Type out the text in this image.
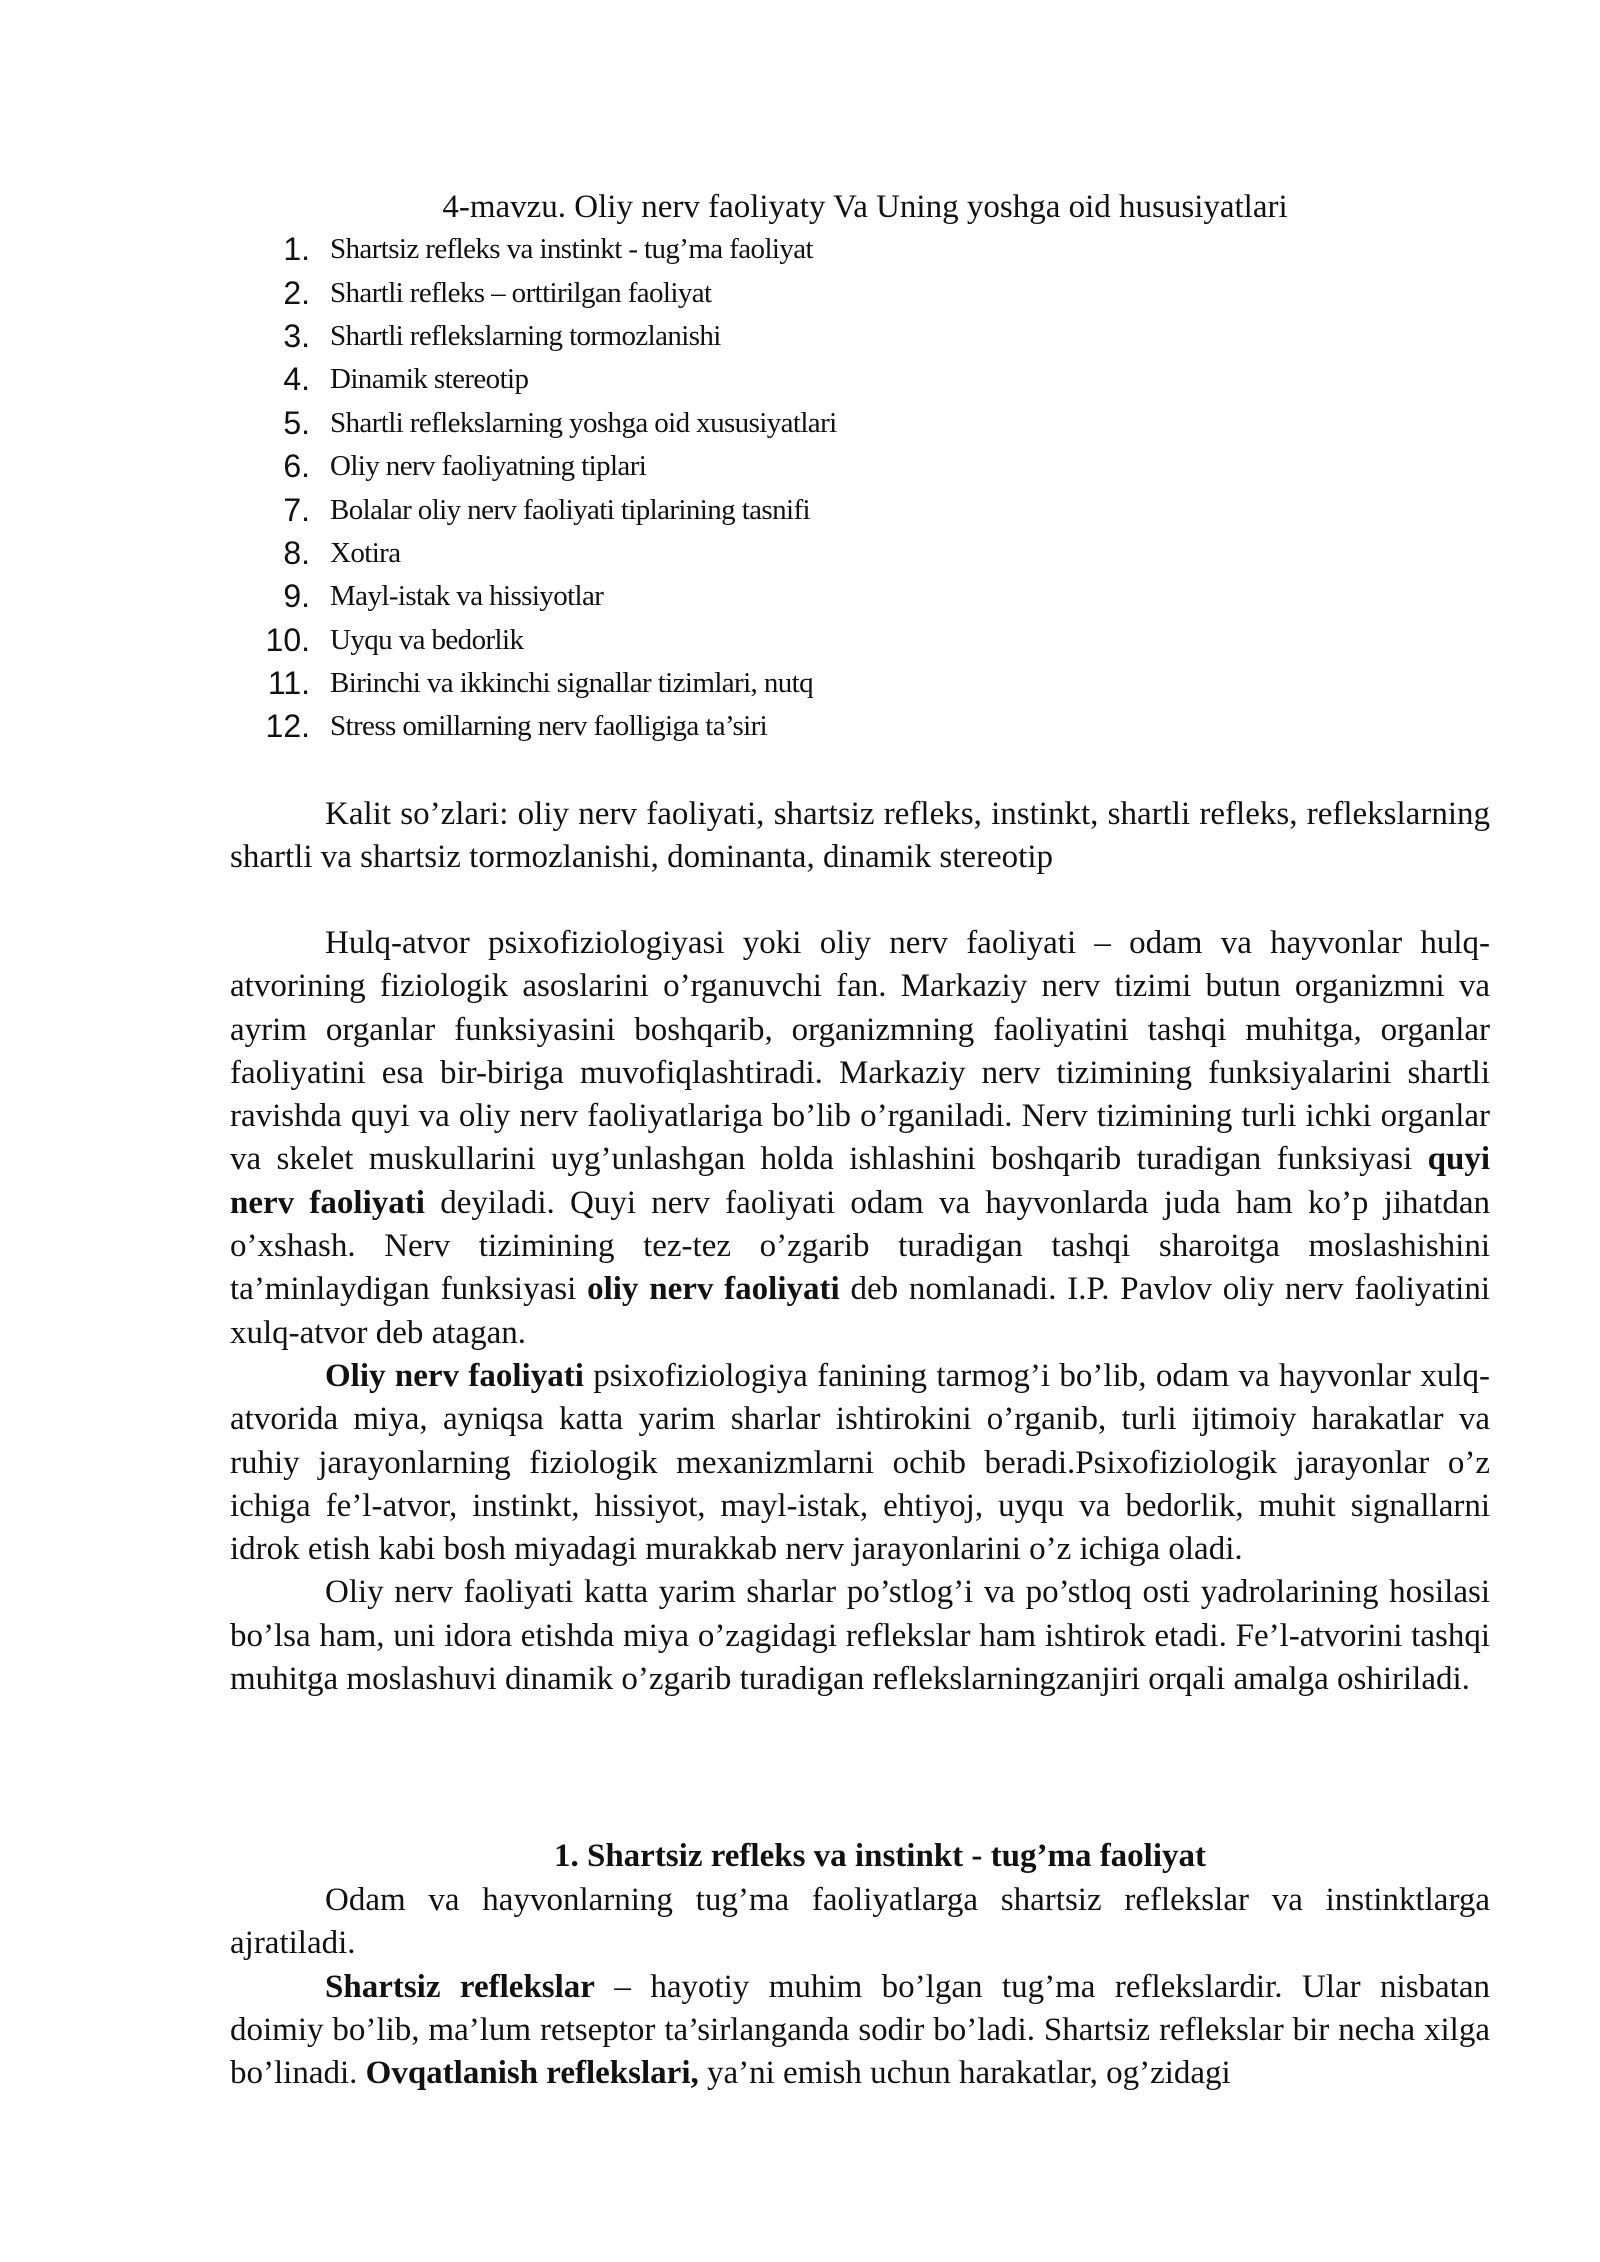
4-mavzu. Oliy nerv faoliyaty Va Uning yoshga oid hususiyatlari
1. Shartsiz refleks va instinkt - tug’ma faoliyat
2. Shartli refleks – orttirilgan faoliyat
3. Shartli reflekslarning tormozlanishi
4. Dinamik stereotip
5. Shartli reflekslarning yoshga oid xususiyatlari
6. Oliy nerv faoliyatning tiplari
7. Bolalar oliy nerv faoliyati tiplarining tasnifi
8. Xotira
9. Mayl-istak va hissiyotlar
10. Uyqu va bedorlik
11. Birinchi va ikkinchi signallar tizimlari, nutq
12. Stress omillarning nerv faolligiga ta’siri

Kalit so’zlari: oliy nerv faoliyati, shartsiz refleks, instinkt, shartli refleks, reflekslarning shartli va shartsiz tormozlanishi, dominanta, dinamik stereotip

Hulq-atvor psixofiziologiyasi yoki oliy nerv faoliyati – odam va hayvonlar hulq-atvorining fiziologik asoslarini o’rganuvchi fan. Markaziy nerv tizimi butun organizmni va ayrim organlar funksiyasini boshqarib, organizmning faoliyatini tashqi muhitga, organlar faoliyatini esa bir-biriga muvofiqlashtiradi. Markaziy nerv tizimining funksiyalarini shartli ravishda quyi va oliy nerv faoliyatlariga bo’lib o’rganiladi. Nerv tizimining turli ichki organlar va skelet muskullarini uyg’unlashgan holda ishlashini boshqarib turadigan funksiyasi quyi nerv faoliyati deyiladi. Quyi nerv faoliyati odam va hayvonlarda juda ham ko’p jihatdan o’xshash. Nerv tizimining tez-tez o’zgarib turadigan tashqi sharoitga moslashishini ta’minlaydigan funksiyasi oliy nerv faoliyati deb nomlanadi. I.P. Pavlov oliy nerv faoliyatini xulq-atvor deb atagan.

Oliy nerv faoliyati psixofiziologiya fanining tarmog’i bo’lib, odam va hayvonlar xulq-atvorida miya, ayniqsa katta yarim sharlar ishtirokini o’rganib, turli ijtimoiy harakatlar va ruhiy jarayonlarning fiziologik mexanizmlarni ochib beradi.Psixofiziologik jarayonlar o’z ichiga fe’l-atvor, instinkt, hissiyot, mayl-istak, ehtiyoj, uyqu va bedorlik, muhit signallarni idrok etish kabi bosh miyadagi murakkab nerv jarayonlarini o’z ichiga oladi.

Oliy nerv faoliyati katta yarim sharlar po’stlog’i va po’stloq osti yadrolarining hosilasi bo’lsa ham, uni idora etishda miya o’zagidagi reflekslar ham ishtirok etadi. Fe’l-atvorini tashqi muhitga moslashuvi dinamik o’zgarib turadigan reflekslarningzanjiri orqali amalga oshiriladi.

1. Shartsiz refleks va instinkt - tug’ma faoliyat

Odam va hayvonlarning tug’ma faoliyatlarga shartsiz reflekslar va instinktlarga ajratiladi.

Shartsiz reflekslar – hayotiy muhim bo’lgan tug’ma reflekslardir. Ular nisbatan doimiy bo’lib, ma’lum retseptor ta’sirlanganda sodir bo’ladi. Shartsiz reflekslar bir necha xilga bo’linadi. Ovqatlanish reflekslari, ya’ni emish uchun harakatlar, og’zidagi
